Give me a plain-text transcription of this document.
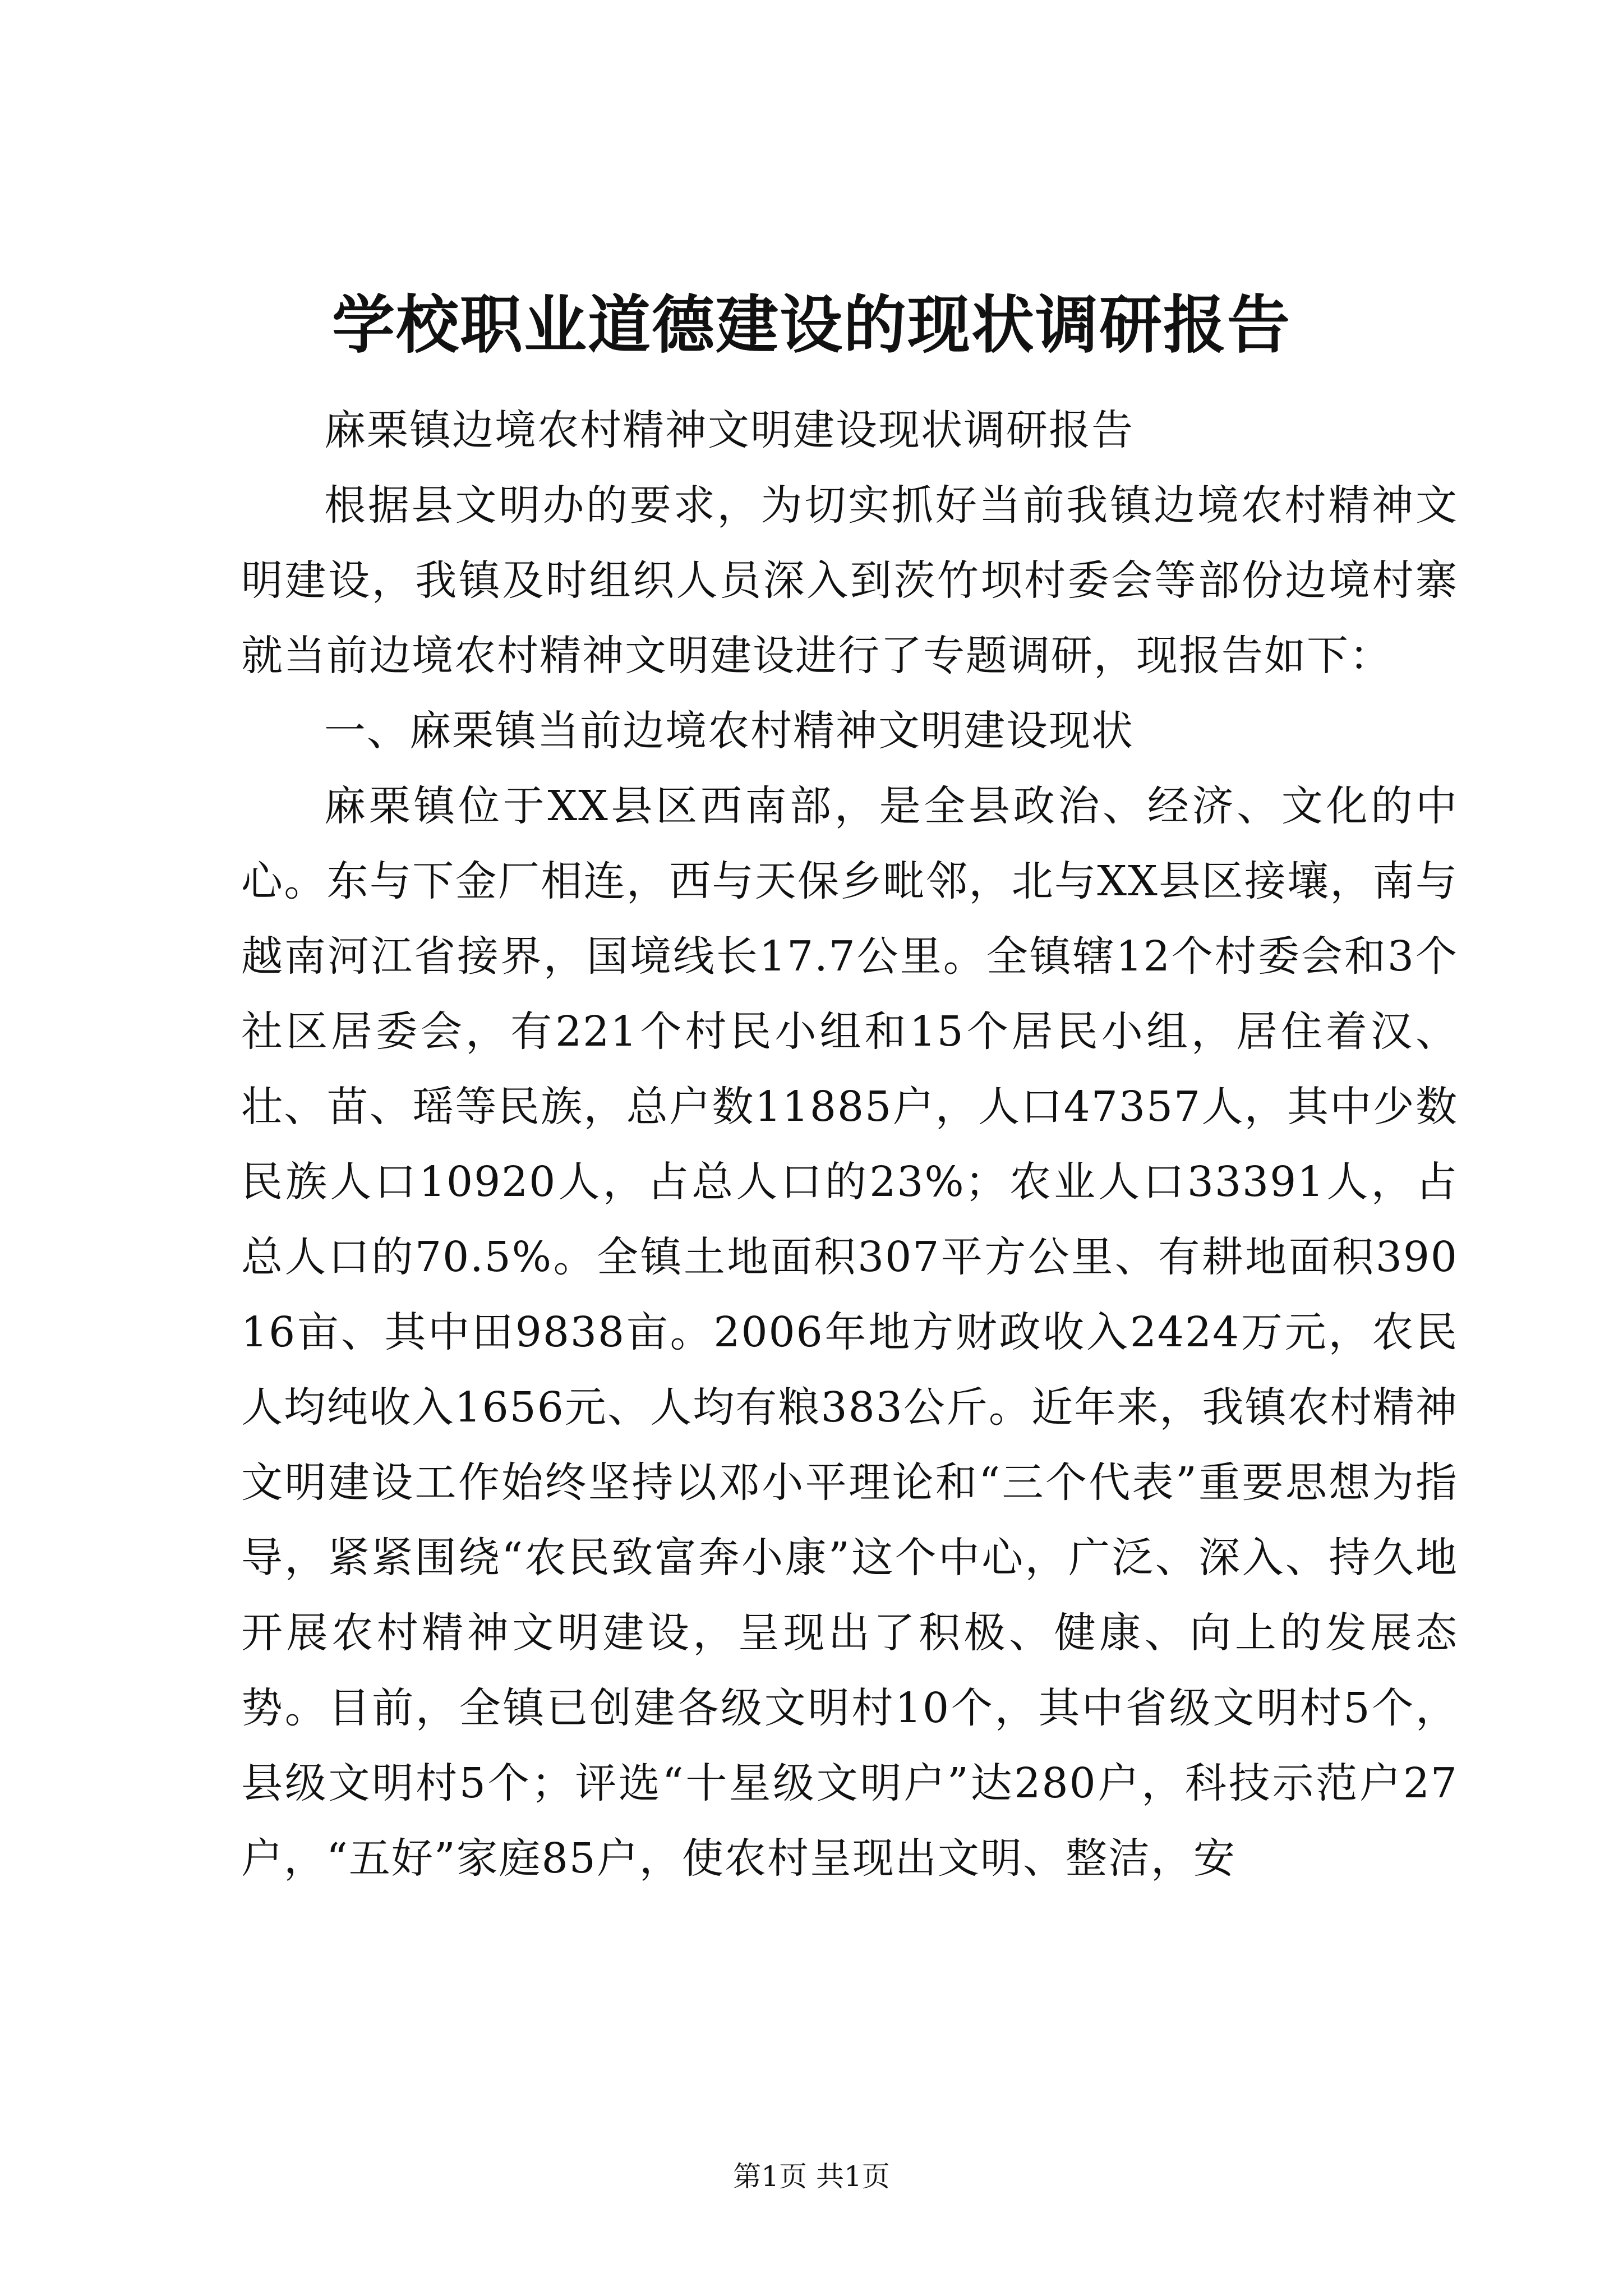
学校职业道德建设的现状调研报告

麻栗镇边境农村精神文明建设现状调研报告

根据县文明办的要求，为切实抓好当前我镇边境农村精神文明建设，我镇及时组织人员深入到茨竹坝村委会等部份边境村寨就当前边境农村精神文明建设进行了专题调研，现报告如下：

一、麻栗镇当前边境农村精神文明建设现状

麻栗镇位于XX县区西南部，是全县政治、经济、文化的中心。东与下金厂相连，西与天保乡毗邻，北与XX县区接壤，南与越南河江省接界，国境线长17.7公里。全镇辖12个村委会和3个社区居委会，有221个村民小组和15个居民小组，居住着汉、壮、苗、瑶等民族，总户数11885户，人口47357人，其中少数民族人口10920人，占总人口的23%；农业人口33391人，占总人口的70.5%。全镇土地面积307平方公里、有耕地面积39016亩、其中田9838亩。2006年地方财政收入2424万元，农民人均纯收入1656元、人均有粮383公斤。近年来，我镇农村精神文明建设工作始终坚持以邓小平理论和“三个代表”重要思想为指导，紧紧围绕“农民致富奔小康”这个中心，广泛、深入、持久地开展农村精神文明建设，呈现出了积极、健康、向上的发展态势。目前，全镇已创建各级文明村10个，其中省级文明村5个，县级文明村5个；评选“十星级文明户”达280户，科技示范户27户，“五好”家庭85户，使农村呈现出文明、整洁，安

第1页 共1页
